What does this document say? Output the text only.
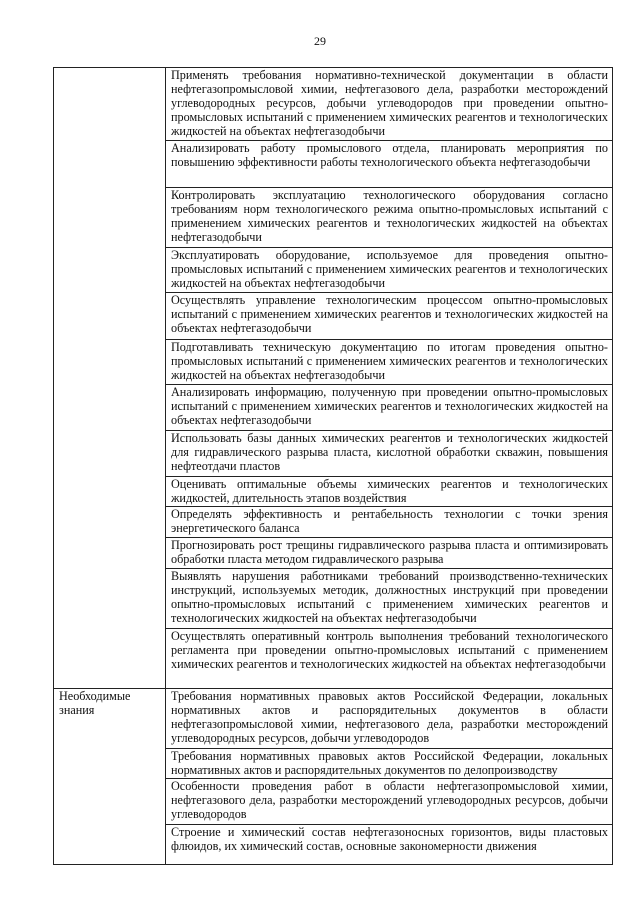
29

	Применять требования нормативно-технической документации в области нефтегазопромысловой химии, нефтегазового дела, разработки месторождений углеводородных ресурсов, добычи углеводородов при проведении опытно-промысловых испытаний с применением химических реагентов и технологических жидкостей на объектах нефтегазодобычи

	Анализировать работу промыслового отдела, планировать мероприятия по повышению эффективности работы технологического объекта нефтегазодобычи

	Контролировать эксплуатацию технологического оборудования согласно требованиям норм технологического режима опытно-промысловых испытаний с применением химических реагентов и технологических жидкостей на объектах нефтегазодобычи

	Эксплуатировать оборудование, используемое для проведения опытно-промысловых испытаний с применением химических реагентов и технологических жидкостей на объектах нефтегазодобычи

	Осуществлять управление технологическим процессом опытно-промысловых испытаний с применением химических реагентов и технологических жидкостей на объектах нефтегазодобычи

	Подготавливать техническую документацию по итогам проведения опытно-промысловых испытаний с применением химических реагентов и технологических жидкостей на объектах нефтегазодобычи

	Анализировать информацию, полученную при проведении опытно-промысловых испытаний с применением химических реагентов и технологических жидкостей на объектах нефтегазодобычи

	Использовать базы данных химических реагентов и технологических жидкостей для гидравлического разрыва пласта, кислотной обработки скважин, повышения нефтеотдачи пластов

	Оценивать оптимальные объемы химических реагентов и технологических жидкостей, длительность этапов воздействия

	Определять эффективность и рентабельность технологии с точки зрения энергетического баланса

	Прогнозировать рост трещины гидравлического разрыва пласта и оптимизировать обработки пласта методом гидравлического разрыва

	Выявлять нарушения работниками требований производственно-технических инструкций, используемых методик, должностных инструкций при проведении опытно-промысловых испытаний с применением химических реагентов и технологических жидкостей на объектах нефтегазодобычи

	Осуществлять оперативный контроль выполнения требований технологического регламента при проведении опытно-промысловых испытаний с применением химических реагентов и технологических жидкостей на объектах нефтегазодобычи

Необходимые знания	Требования нормативных правовых актов Российской Федерации, локальных нормативных актов и распорядительных документов в области нефтегазопромысловой химии, нефтегазового дела, разработки месторождений углеводородных ресурсов, добычи углеводородов

	Требования нормативных правовых актов Российской Федерации, локальных нормативных актов и распорядительных документов по делопроизводству

	Особенности проведения работ в области нефтегазопромысловой химии, нефтегазового дела, разработки месторождений углеводородных ресурсов, добычи углеводородов

	Строение и химический состав нефтегазоносных горизонтов, виды пластовых флюидов, их химический состав, основные закономерности движения
